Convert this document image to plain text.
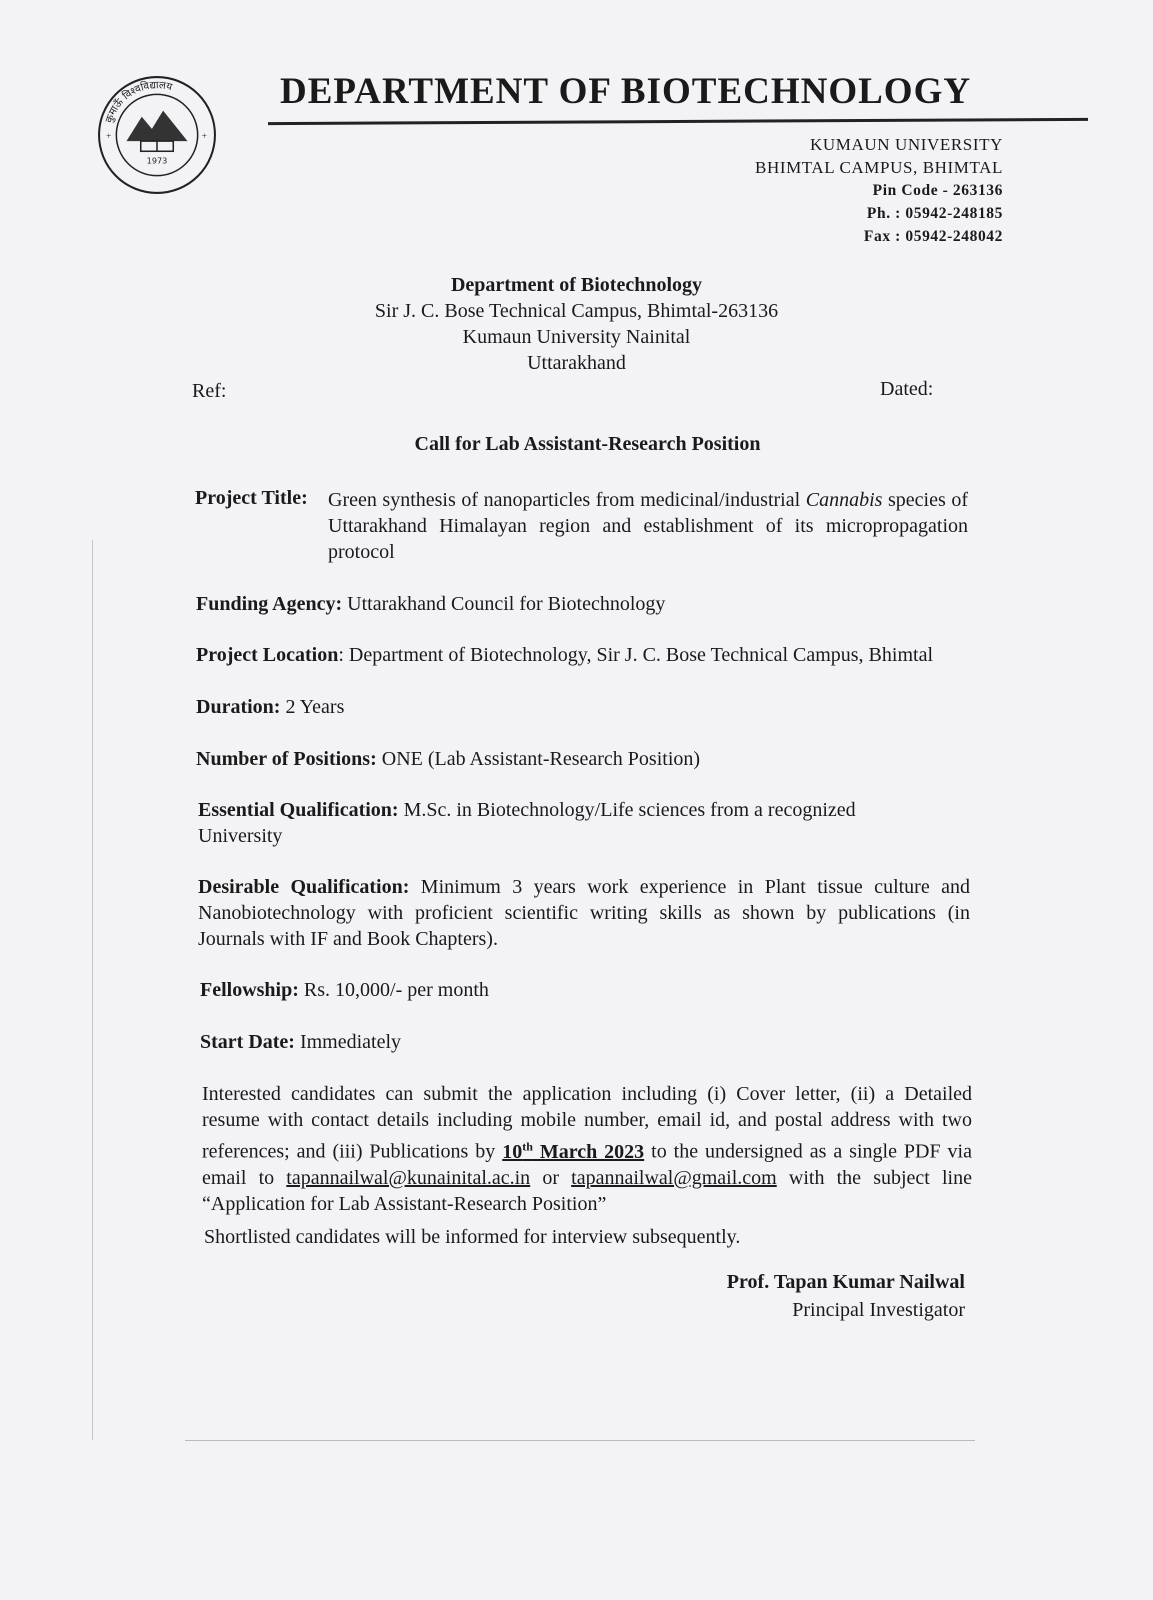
कुमाऊँ विश्वविद्यालय
1973
+	+
DEPARTMENT OF BIOTECHNOLOGY
KUMAUN UNIVERSITY
BHIMTAL CAMPUS, BHIMTAL
Pin Code - 263136
Ph. : 05942-248185
Fax : 05942-248042
Department of Biotechnology
Sir J. C. Bose Technical Campus, Bhimtal-263136
Kumaun University Nainital
Uttarakhand
Ref:	Dated:
Call for Lab Assistant-Research Position
Project Title: Green synthesis of nanoparticles from medicinal/industrial Cannabis species of Uttarakhand Himalayan region and establishment of its micropropagation protocol
Funding Agency: Uttarakhand Council for Biotechnology
Project Location: Department of Biotechnology, Sir J. C. Bose Technical Campus, Bhimtal
Duration: 2 Years
Number of Positions: ONE (Lab Assistant-Research Position)
Essential Qualification: M.Sc. in Biotechnology/Life sciences from a recognized University
Desirable Qualification: Minimum 3 years work experience in Plant tissue culture and Nanobiotechnology with proficient scientific writing skills as shown by publications (in Journals with IF and Book Chapters).
Fellowship: Rs. 10,000/- per month
Start Date: Immediately
Interested candidates can submit the application including (i) Cover letter, (ii) a Detailed resume with contact details including mobile number, email id, and postal address with two references; and (iii) Publications by 10th March 2023 to the undersigned as a single PDF via email to tapannailwal@kunainital.ac.in or tapannailwal@gmail.com with the subject line “Application for Lab Assistant-Research Position”
Shortlisted candidates will be informed for interview subsequently.
Prof. Tapan Kumar Nailwal
Principal Investigator
